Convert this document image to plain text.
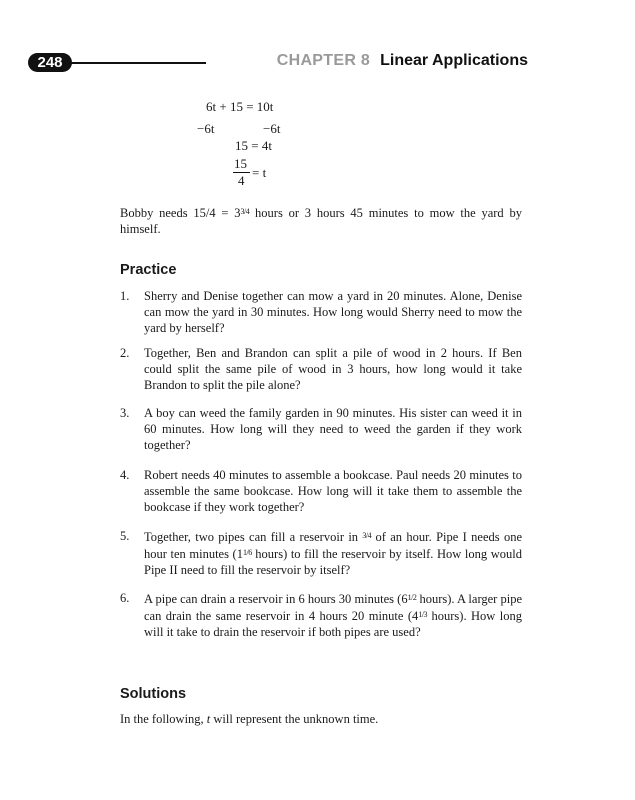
248	CHAPTER 8 Linear Applications
6t + 15 = 10t
−6t	−6t
15 = 4t
15
4
= t
Bobby needs $15/4 = 3^{3/4}$ hours or 3 hours 45 minutes to mow the yard by himself.
Practice
1.	Sherry and Denise together can mow a yard in 20 minutes. Alone, Denise can mow the yard in 30 minutes. How long would Sherry need to mow the yard by herself?
2.	Together, Ben and Brandon can split a pile of wood in 2 hours. If Ben could split the same pile of wood in 3 hours, how long would it take Brandon to split the pile alone?
3.	A boy can weed the family garden in 90 minutes. His sister can weed it in 60 minutes. How long will they need to weed the garden if they work together?
4.	Robert needs 40 minutes to assemble a bookcase. Paul needs 20 minutes to assemble the same bookcase. How long will it take them to assemble the bookcase if they work together?
5.	Together, two pipes can fill a reservoir in $^{3/4}$ of an hour. Pipe I needs one hour ten minutes ($1^{1/6}$ hours) to fill the reservoir by itself. How long would Pipe II need to fill the reservoir by itself?
6.	A pipe can drain a reservoir in 6 hours 30 minutes ($6^{1/2}$ hours). A larger pipe can drain the same reservoir in 4 hours 20 minute ($4^{1/3}$ hours). How long will it take to drain the reservoir if both pipes are used?
Solutions
In the following, t will represent the unknown time.
